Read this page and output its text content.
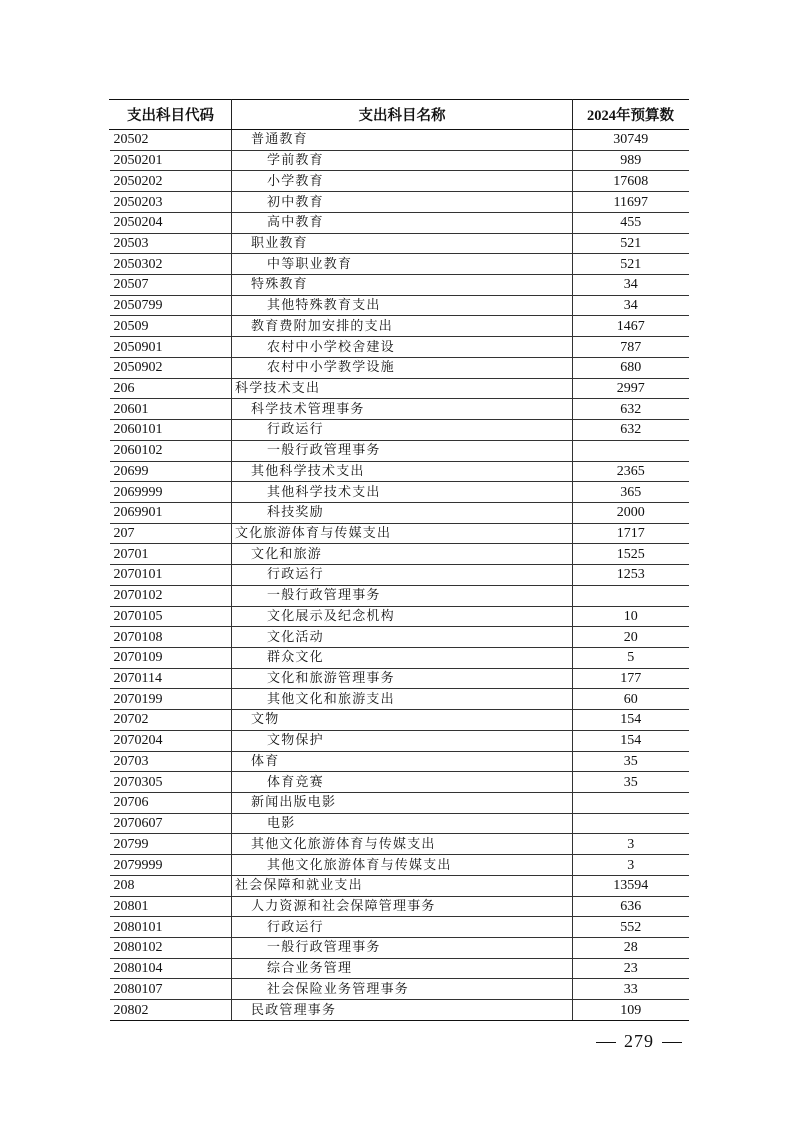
支出科目代码	支出科目名称	2024年预算数
20502	普通教育	30749
2050201	学前教育	989
2050202	小学教育	17608
2050203	初中教育	11697
2050204	高中教育	455
20503	职业教育	521
2050302	中等职业教育	521
20507	特殊教育	34
2050799	其他特殊教育支出	34
20509	教育费附加安排的支出	1467
2050901	农村中小学校舍建设	787
2050902	农村中小学教学设施	680
206	科学技术支出	2997
20601	科学技术管理事务	632
2060101	行政运行	632
2060102	一般行政管理事务	
20699	其他科学技术支出	2365
2069999	其他科学技术支出	365
2069901	科技奖励	2000
207	文化旅游体育与传媒支出	1717
20701	文化和旅游	1525
2070101	行政运行	1253
2070102	一般行政管理事务	
2070105	文化展示及纪念机构	10
2070108	文化活动	20
2070109	群众文化	5
2070114	文化和旅游管理事务	177
2070199	其他文化和旅游支出	60
20702	文物	154
2070204	文物保护	154
20703	体育	35
2070305	体育竞赛	35
20706	新闻出版电影	
2070607	电影	
20799	其他文化旅游体育与传媒支出	3
2079999	其他文化旅游体育与传媒支出	3
208	社会保障和就业支出	13594
20801	人力资源和社会保障管理事务	636
2080101	行政运行	552
2080102	一般行政管理事务	28
2080104	综合业务管理	23
2080107	社会保险业务管理事务	33
20802	民政管理事务	109
279
